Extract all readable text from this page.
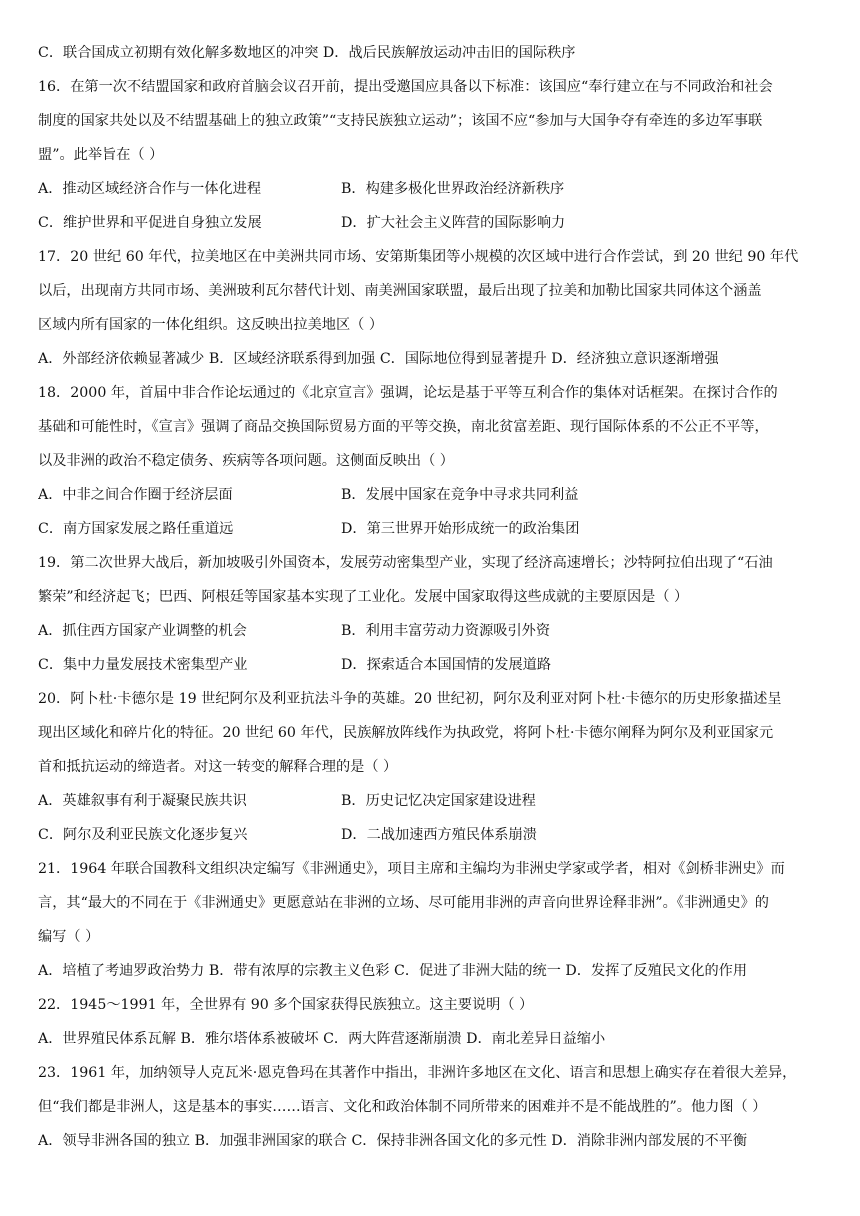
C．联合国成立初期有效化解多数地区的冲突 D．战后民族解放运动冲击旧的国际秩序
16．在第一次不结盟国家和政府首脑会议召开前，提出受邀国应具备以下标准：该国应“奉行建立在与不同政治和社会
制度的国家共处以及不结盟基础上的独立政策”“支持民族独立运动”；该国不应“参加与大国争夺有牵连的多边军事联
盟”。此举旨在（ ）
A．推动区域经济合作与一体化进程	B．构建多极化世界政治经济新秩序
C．维护世界和平促进自身独立发展	D．扩大社会主义阵营的国际影响力
17．20 世纪 60 年代，拉美地区在中美洲共同市场、安第斯集团等小规模的次区域中进行合作尝试，到 20 世纪 90 年代
以后，出现南方共同市场、美洲玻利瓦尔替代计划、南美洲国家联盟，最后出现了拉美和加勒比国家共同体这个涵盖
区域内所有国家的一体化组织。这反映出拉美地区（ ）
A．外部经济依赖显著减少 B．区域经济联系得到加强 C．国际地位得到显著提升 D．经济独立意识逐渐增强
18．2000 年，首届中非合作论坛通过的《北京宣言》强调，论坛是基于平等互利合作的集体对话框架。在探讨合作的
基础和可能性时，《宣言》强调了商品交换国际贸易方面的平等交换，南北贫富差距、现行国际体系的不公正不平等，
以及非洲的政治不稳定债务、疾病等各项问题。这侧面反映出（ ）
A．中非之间合作圈于经济层面	B．发展中国家在竞争中寻求共同利益
C．南方国家发展之路任重道远	D．第三世界开始形成统一的政治集团
19．第二次世界大战后，新加坡吸引外国资本，发展劳动密集型产业，实现了经济高速增长；沙特阿拉伯出现了“石油
繁荣”和经济起飞；巴西、阿根廷等国家基本实现了工业化。发展中国家取得这些成就的主要原因是（ ）
A．抓住西方国家产业调整的机会	B．利用丰富劳动力资源吸引外资
C．集中力量发展技术密集型产业	D．探索适合本国国情的发展道路
20．阿卜杜·卡德尔是 19 世纪阿尔及利亚抗法斗争的英雄。20 世纪初，阿尔及利亚对阿卜杜·卡德尔的历史形象描述呈
现出区域化和碎片化的特征。20 世纪 60 年代，民族解放阵线作为执政党，将阿卜杜·卡德尔阐释为阿尔及利亚国家元
首和抵抗运动的缔造者。对这一转变的解释合理的是（ ）
A．英雄叙事有利于凝聚民族共识	B．历史记忆决定国家建设进程
C．阿尔及利亚民族文化逐步复兴	D．二战加速西方殖民体系崩溃
21．1964 年联合国教科文组织决定编写《非洲通史》，项目主席和主编均为非洲史学家或学者，相对《剑桥非洲史》而
言，其“最大的不同在于《非洲通史》更愿意站在非洲的立场、尽可能用非洲的声音向世界诠释非洲”。《非洲通史》的
编写（ ）
A．培植了考迪罗政治势力 B．带有浓厚的宗教主义色彩 C．促进了非洲大陆的统一 D．发挥了反殖民文化的作用
22．1945～1991 年，全世界有 90 多个国家获得民族独立。这主要说明（ ）
A．世界殖民体系瓦解 B．雅尔塔体系被破坏 C．两大阵营逐渐崩溃 D．南北差异日益缩小
23．1961 年，加纳领导人克瓦米·恩克鲁玛在其著作中指出，非洲许多地区在文化、语言和思想上确实存在着很大差异，
但“我们都是非洲人，这是基本的事实……语言、文化和政治体制不同所带来的困难并不是不能战胜的”。他力图（ ）
A．领导非洲各国的独立 B．加强非洲国家的联合 C．保持非洲各国文化的多元性 D．消除非洲内部发展的不平衡
